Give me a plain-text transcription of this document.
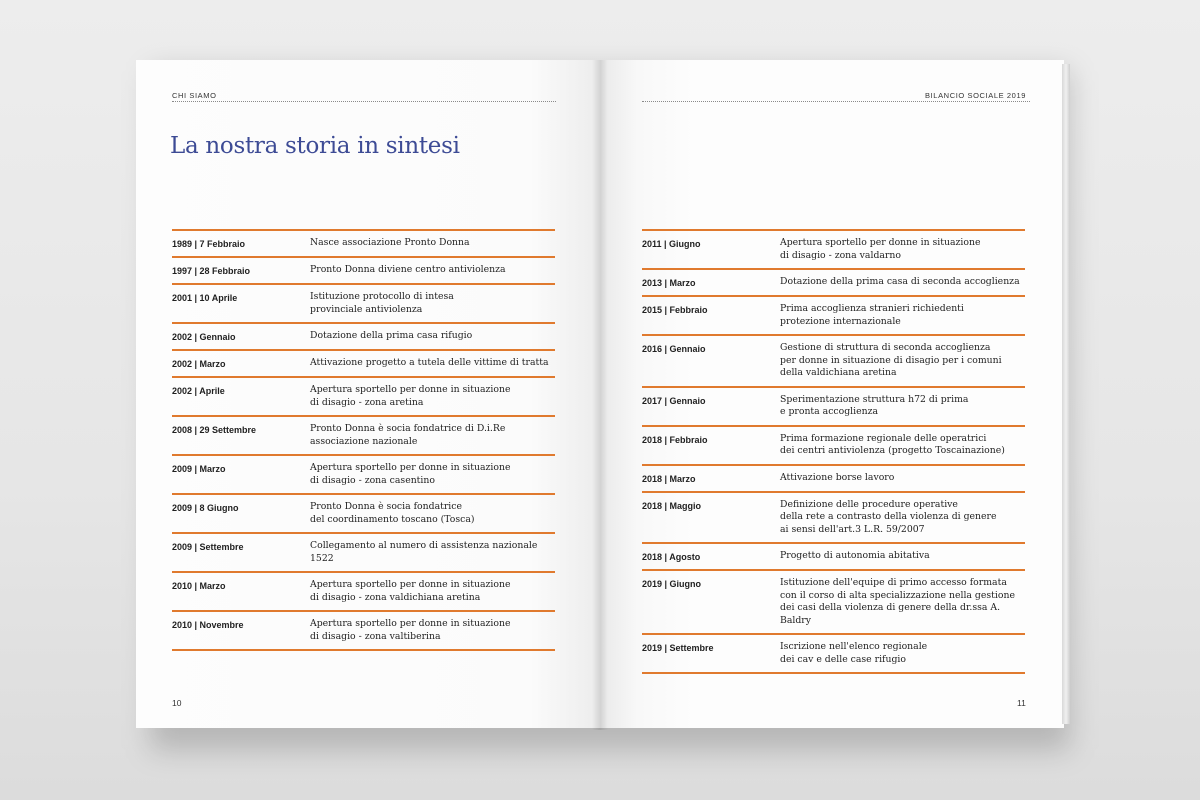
CHI SIAMO	BILANCIO SOCIALE 2019
La nostra storia in sintesi
1989 | 7 Febbraio	Nasce associazione Pronto Donna
1997 | 28 Febbraio	Pronto Donna diviene centro antiviolenza
2001 | 10 Aprile	Istituzione protocollo di intesa
provinciale antiviolenza
2002 | Gennaio	Dotazione della prima casa rifugio
2002 | Marzo	Attivazione progetto a tutela delle vittime di tratta
2002 | Aprile	Apertura sportello per donne in situazione
di disagio - zona aretina
2008 | 29 Settembre	Pronto Donna è socia fondatrice di D.i.Re
associazione nazionale
2009 | Marzo	Apertura sportello per donne in situazione
di disagio - zona casentino
2009 | 8 Giugno	Pronto Donna è socia fondatrice
del coordinamento toscano (Tosca)
2009 | Settembre	Collegamento al numero di assistenza nazionale 1522
2010 | Marzo	Apertura sportello per donne in situazione
di disagio - zona valdichiana aretina
2010 | Novembre	Apertura sportello per donne in situazione
di disagio - zona valtiberina
2011 | Giugno	Apertura sportello per donne in situazione
di disagio - zona valdarno
2013 | Marzo	Dotazione della prima casa di seconda accoglienza
2015 | Febbraio	Prima accoglienza stranieri richiedenti
protezione internazionale
2016 | Gennaio	Gestione di struttura di seconda accoglienza
per donne in situazione di disagio per i comuni
della valdichiana aretina
2017 | Gennaio	Sperimentazione struttura h72 di prima
e pronta accoglienza
2018 | Febbraio	Prima formazione regionale delle operatrici
dei centri antiviolenza (progetto Toscainazione)
2018 | Marzo	Attivazione borse lavoro
2018 | Maggio	Definizione delle procedure operative
della rete a contrasto della violenza di genere
ai sensi dell'art.3 L.R. 59/2007
2018 | Agosto	Progetto di autonomia abitativa
2019 | Giugno	Istituzione dell'equipe di primo accesso formata
con il corso di alta specializzazione nella gestione
dei casi della violenza di genere della dr.ssa A. Baldry
2019 | Settembre	Iscrizione nell'elenco regionale
dei cav e delle case rifugio
10	11
